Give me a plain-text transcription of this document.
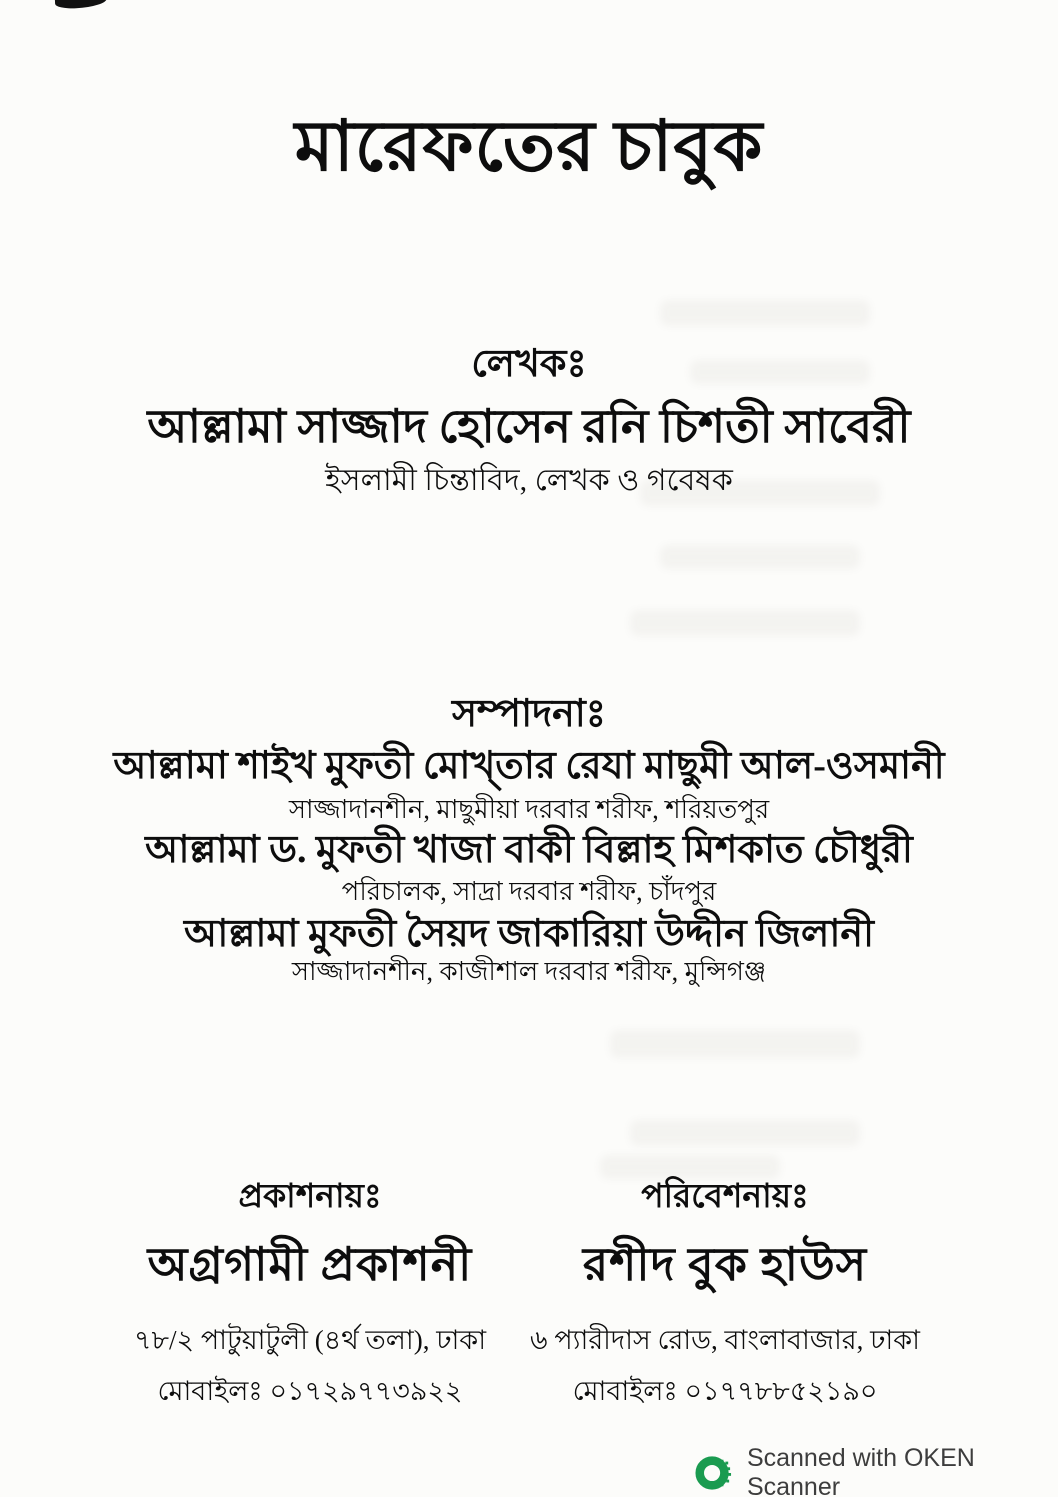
মারেফতের চাবুক
লেখকঃ
আল্লামা সাজ্জাদ হোসেন রনি চিশতী সাবেরী
ইসলামী চিন্তাবিদ, লেখক ও গবেষক
সম্পাদনাঃ
আল্লামা শাইখ মুফতী মোখ্তার রেযা মাছুমী আল-ওসমানী
সাজ্জাদানশীন, মাছুমীয়া দরবার শরীফ, শরিয়তপুর
আল্লামা ড. মুফতী খাজা বাকী বিল্লাহ মিশকাত চৌধুরী
পরিচালক, সাদ্রা দরবার শরীফ, চাঁদপুর
আল্লামা মুফতী সৈয়দ জাকারিয়া উদ্দীন জিলানী
সাজ্জাদানশীন, কাজীশাল দরবার শরীফ, মুন্সিগঞ্জ
প্রকাশনায়ঃ
অগ্রগামী প্রকাশনী
৭৮/২ পাটুয়াটুলী (৪র্থ তলা), ঢাকা
মোবাইলঃ ০১৭২৯৭৭৩৯২২
পরিবেশনায়ঃ
রশীদ বুক হাউস
৬ প্যারীদাস রোড, বাংলাবাজার, ঢাকা
মোবাইলঃ ০১৭৭৮৮৫২১৯০
Scanned with OKEN Scanner
